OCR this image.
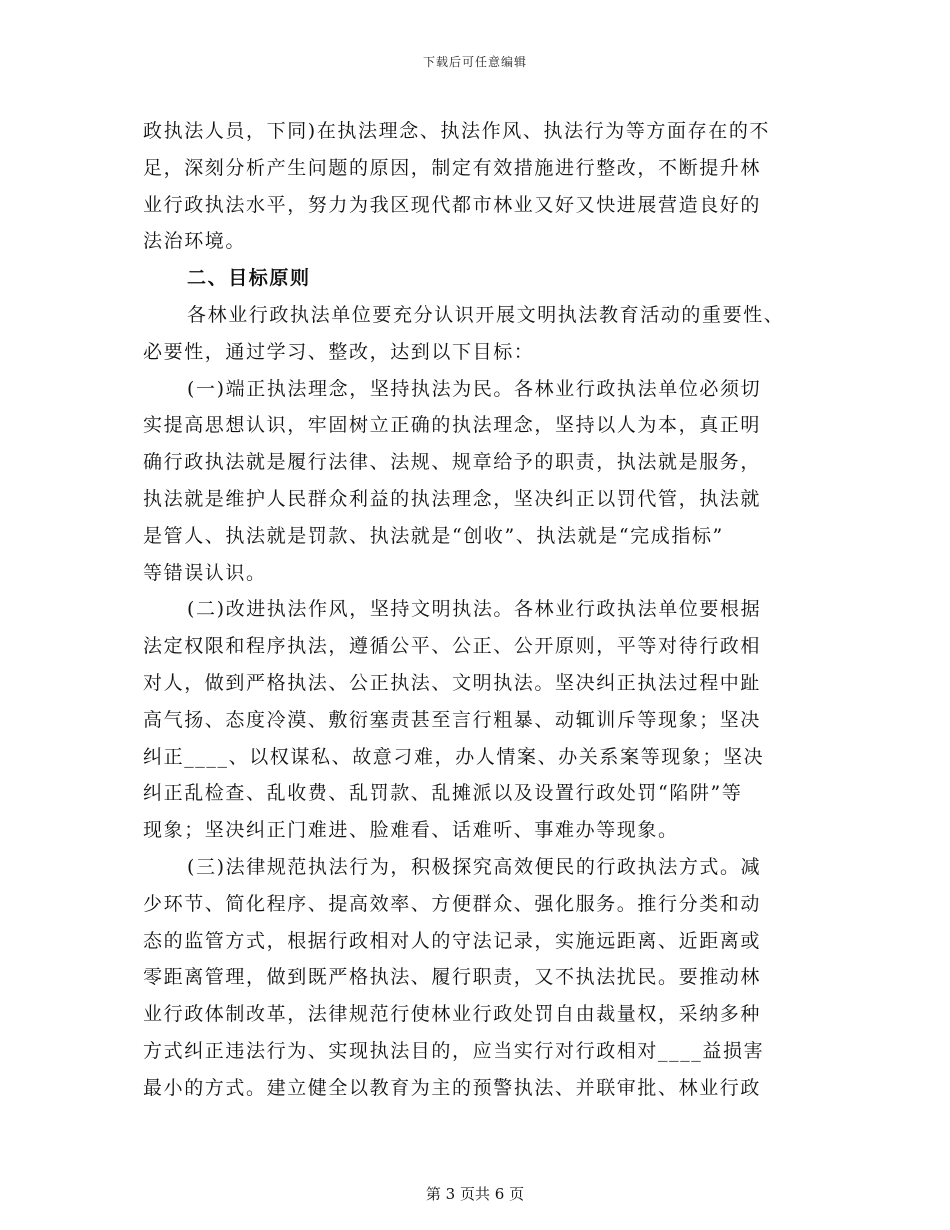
下载后可任意编辑
政执法人员，下同)在执法理念、执法作风、执法行为等方面存在的不
足，深刻分析产生问题的原因，制定有效措施进行整改，不断提升林
业行政执法水平，努力为我区现代都市林业又好又快进展营造良好的
法治环境。
二、目标原则
各林业行政执法单位要充分认识开展文明执法教育活动的重要性、
必要性，通过学习、整改，达到以下目标：
(一)端正执法理念，坚持执法为民。各林业行政执法单位必须切
实提高思想认识，牢固树立正确的执法理念，坚持以人为本，真正明
确行政执法就是履行法律、法规、规章给予的职责，执法就是服务，
执法就是维护人民群众利益的执法理念，坚决纠正以罚代管，执法就
是管人、执法就是罚款、执法就是“创收”、执法就是“完成指标”
等错误认识。
(二)改进执法作风，坚持文明执法。各林业行政执法单位要根据
法定权限和程序执法，遵循公平、公正、公开原则，平等对待行政相
对人，做到严格执法、公正执法、文明执法。坚决纠正执法过程中趾
高气扬、态度冷漠、敷衍塞责甚至言行粗暴、动辄训斥等现象；坚决
纠正____、以权谋私、故意刁难，办人情案、办关系案等现象；坚决
纠正乱检查、乱收费、乱罚款、乱摊派以及设置行政处罚“陷阱”等
现象；坚决纠正门难进、脸难看、话难听、事难办等现象。
(三)法律规范执法行为，积极探究高效便民的行政执法方式。减
少环节、简化程序、提高效率、方便群众、强化服务。推行分类和动
态的监管方式，根据行政相对人的守法记录，实施远距离、近距离或
零距离管理，做到既严格执法、履行职责，又不执法扰民。要推动林
业行政体制改革，法律规范行使林业行政处罚自由裁量权，采纳多种
方式纠正违法行为、实现执法目的，应当实行对行政相对____益损害
最小的方式。建立健全以教育为主的预警执法、并联审批、林业行政
第 3 页共 6 页
